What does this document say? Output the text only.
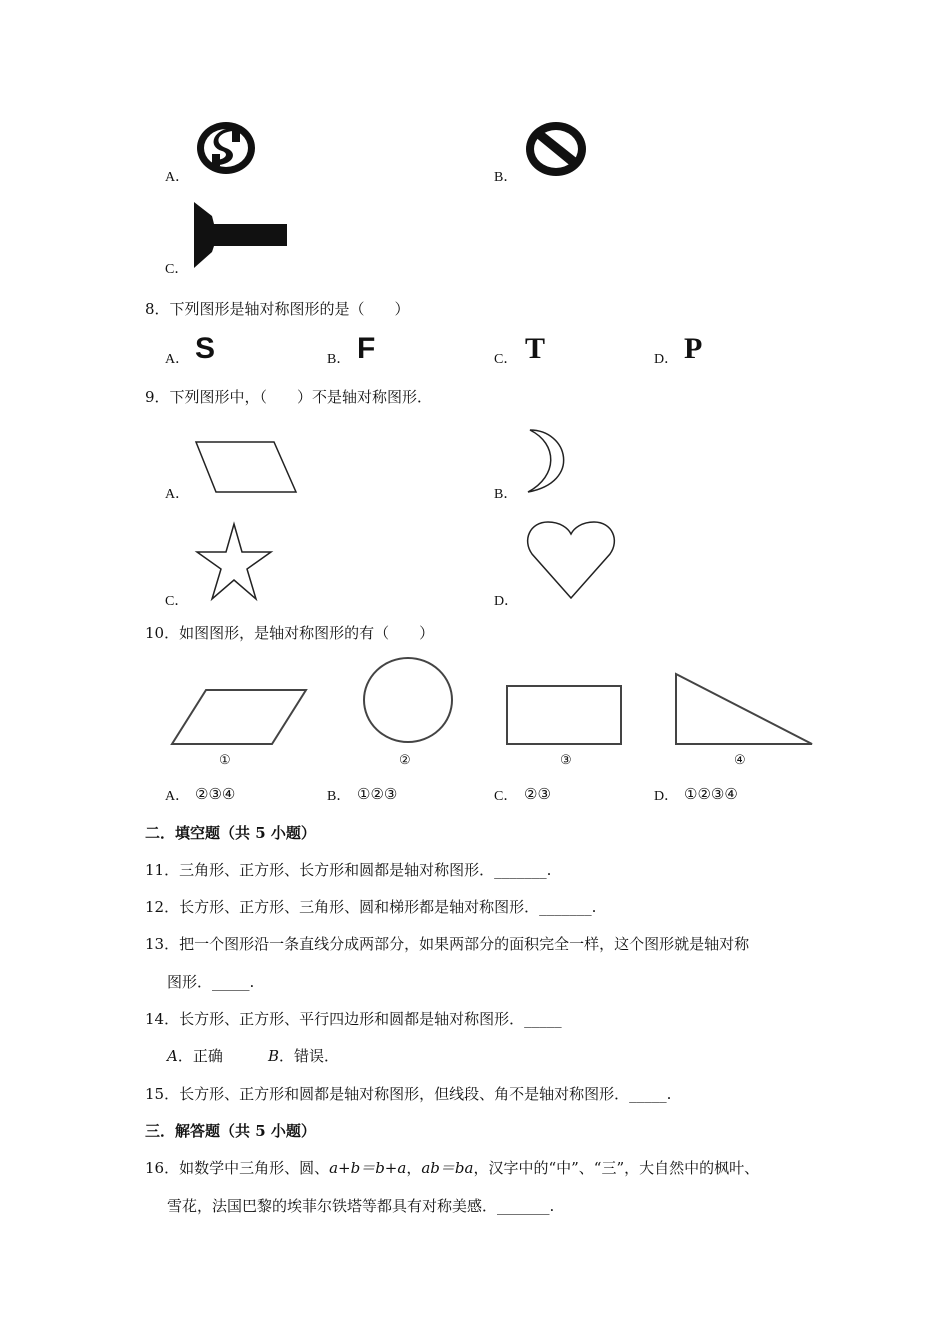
A．	B．
C．
8．下列图形是轴对称图形的是（　　）
A． S	B． F	C． T	D． P
9．下列图形中，（　　）不是轴对称图形．
A．	B．
C．	D．
10．如图图形，是轴对称图形的有（　　）
①	②	③	④
A． ②③④	B． ①②③	C． ②③	D． ①②③④
二．填空题（共 5 小题）
11．三角形、正方形、长方形和圆都是轴对称图形．_______.
12．长方形、正方形、三角形、圆和梯形都是轴对称图形．_______.
13．把一个图形沿一条直线分成两部分，如果两部分的面积完全一样，这个图形就是轴对称
图形．_____.
14．长方形、正方形、平行四边形和圆都是轴对称图形．_____
A．正确	B．错误．
15．长方形、正方形和圆都是轴对称图形，但线段、角不是轴对称图形．_____.
三．解答题（共 5 小题）
16．如数学中三角形、圆、a+b＝b+a，ab＝ba，汉字中的“中”、“三”，大自然中的枫叶、
雪花，法国巴黎的埃菲尔铁塔等都具有对称美感．_______.
